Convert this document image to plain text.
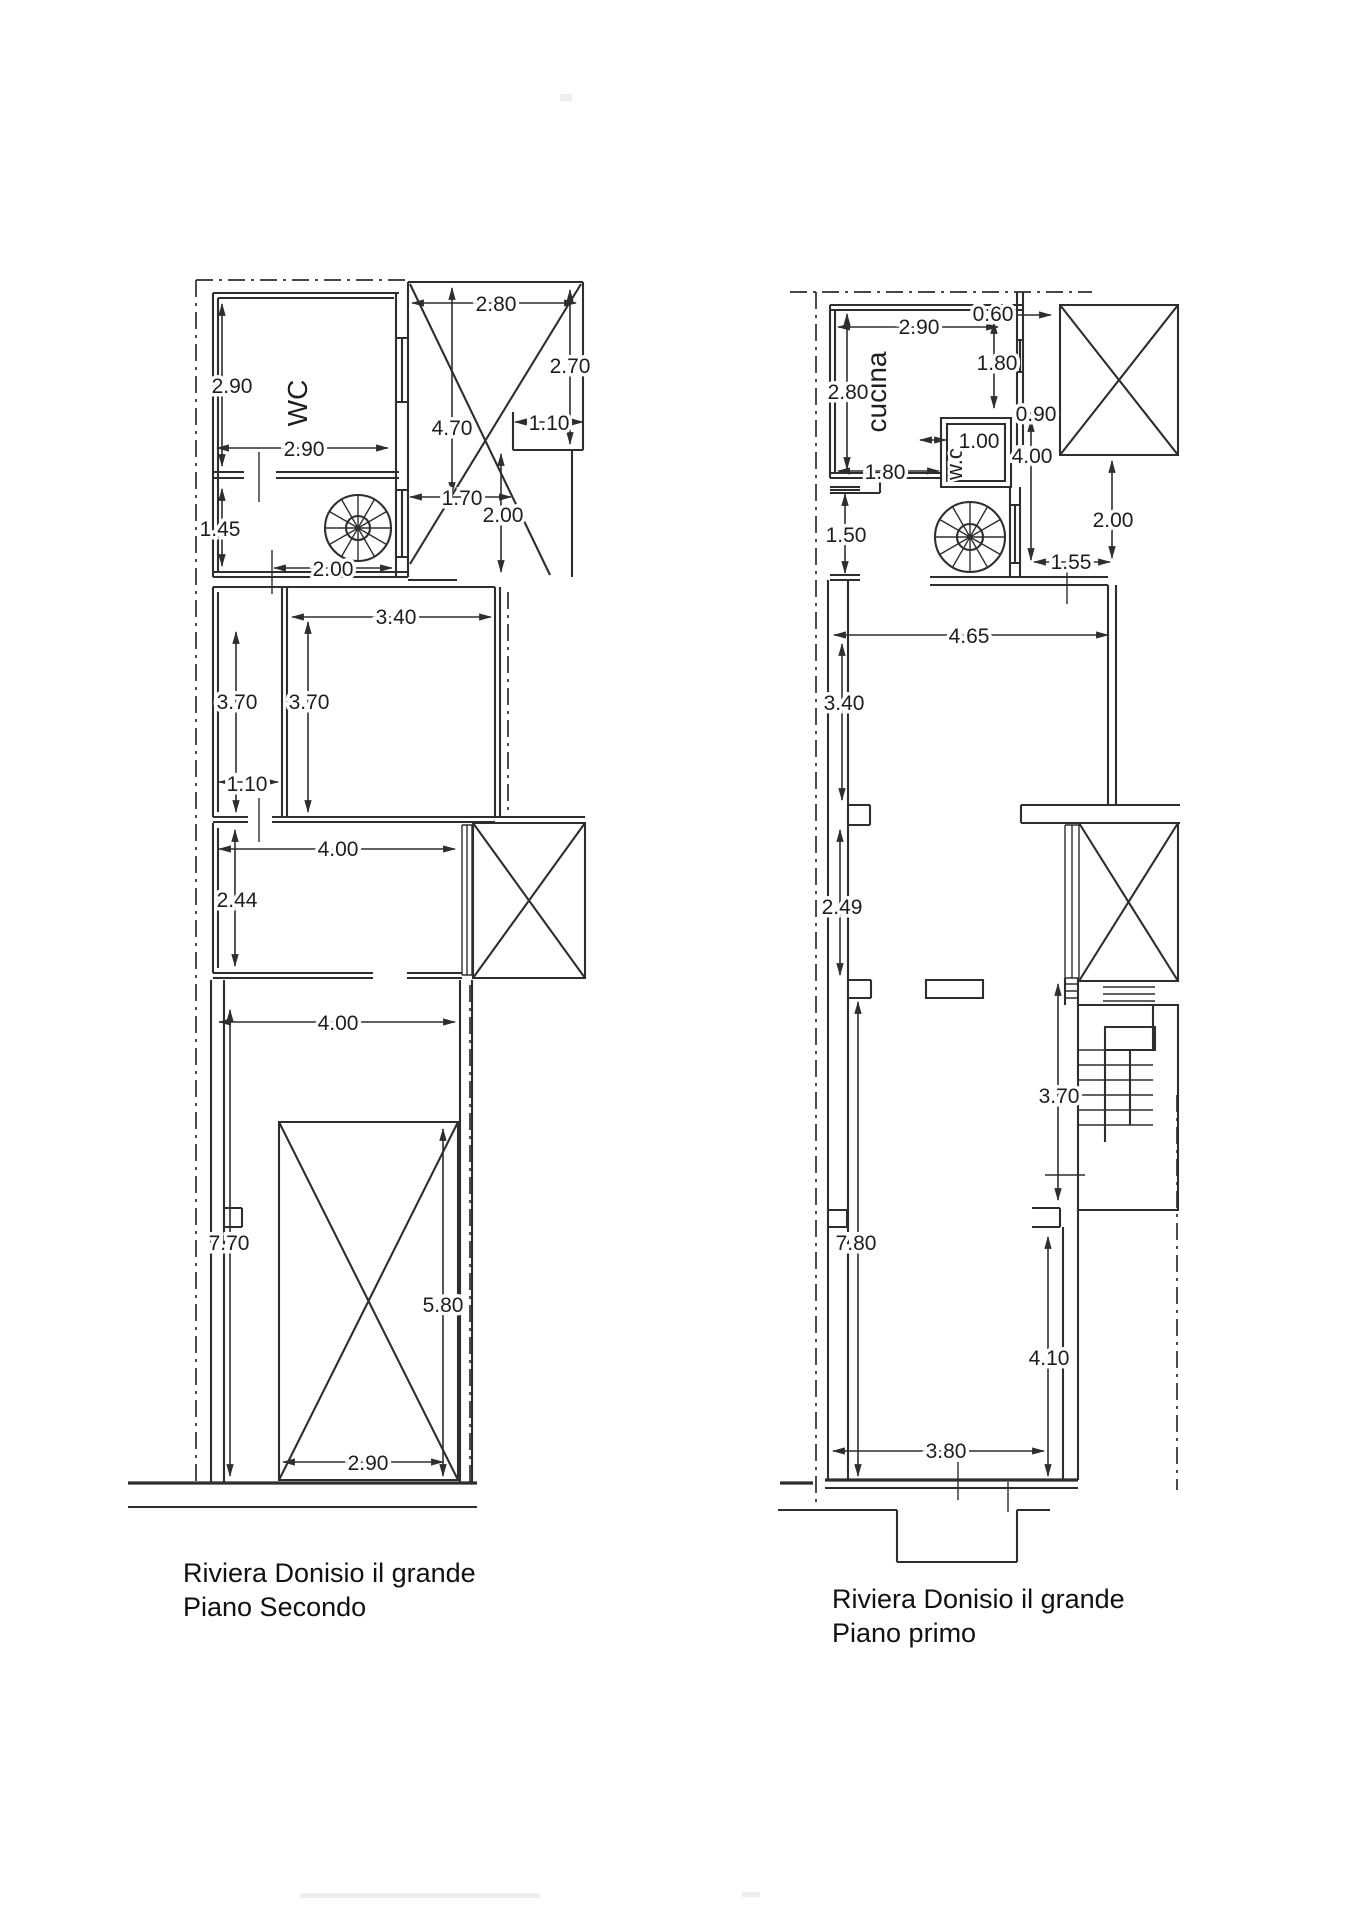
2.90 WC
2.80
2.70
4.70	1.10
1.70
2.00
2.90
1.45
2.00
3.40
3.70 3.70
1.10
4.00
2.44
4.00
7.70
5.80
2.90
Riviera Donisio il grande
Piano Secondo
2.90
0.60
cucina
2.80
1.80
0.90
w.c.
1.00
4.00
1.80
1.50
2.00
1.55
4.65
3.40
2.49
3.70
7.80
4.10
3.80
Riviera Donisio il grande
Piano primo
